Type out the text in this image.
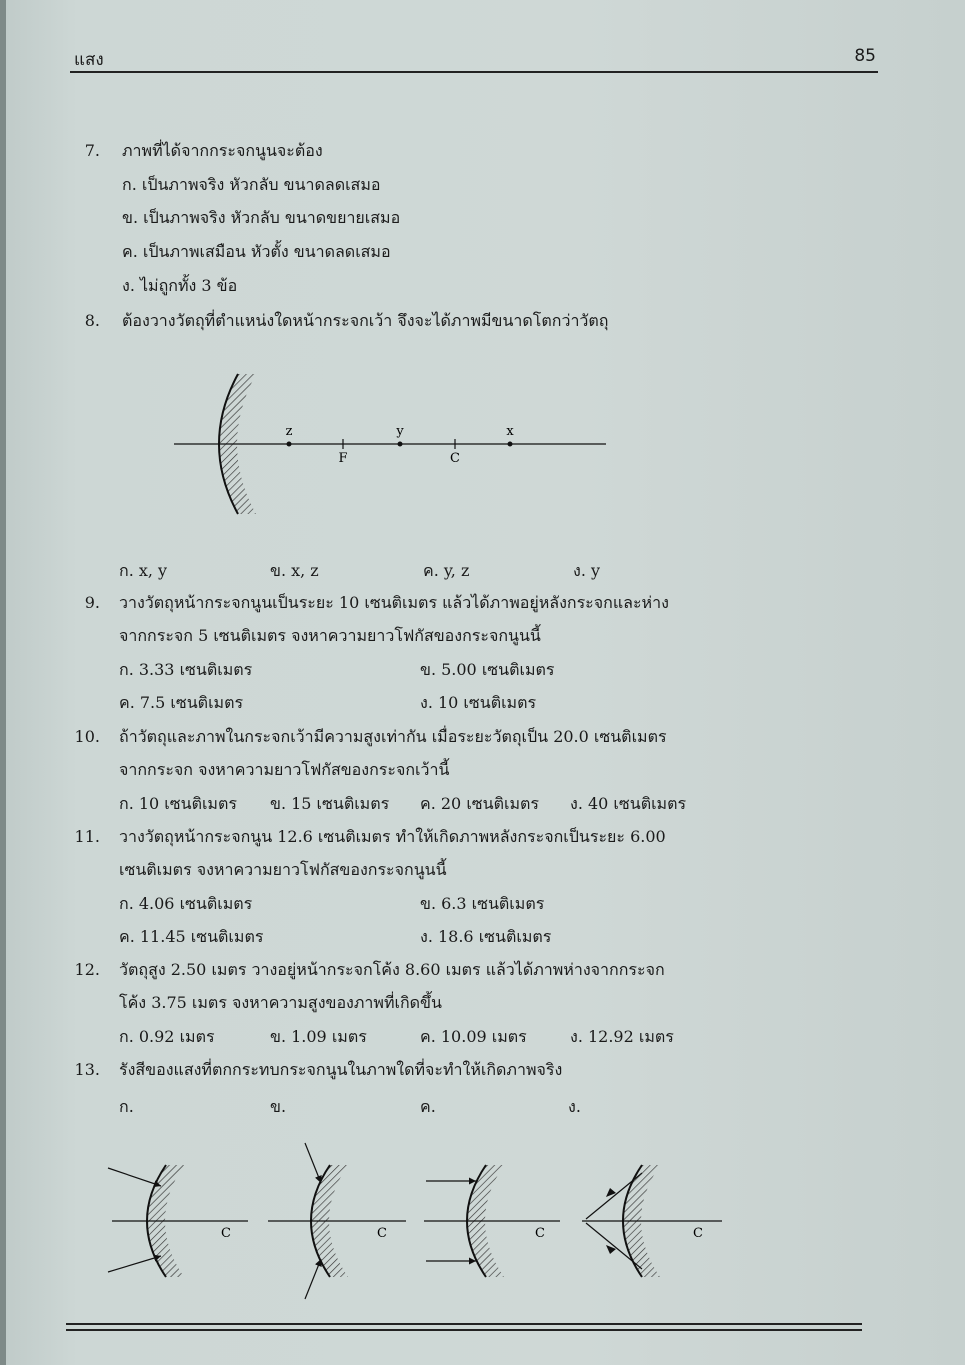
แสง	85
7. ภาพที่ได้จากกระจกนูนจะต้อง
ก. เป็นภาพจริง หัวกลับ ขนาดลดเสมอ
ข. เป็นภาพจริง หัวกลับ ขนาดขยายเสมอ
ค. เป็นภาพเสมือน หัวตั้ง ขนาดลดเสมอ
ง. ไม่ถูกทั้ง 3 ข้อ
8. ต้องวางวัตถุที่ตำแหน่งใดหน้ากระจกเว้า จึงจะได้ภาพมีขนาดโตกว่าวัตถุ
z	y	x
F	C
ก. x, y	ข. x, z	ค. y, z	ง. y
9. วางวัตถุหน้ากระจกนูนเป็นระยะ 10 เซนติเมตร แล้วได้ภาพอยู่หลังกระจกและห่าง
จากกระจก 5 เซนติเมตร จงหาความยาวโฟกัสของกระจกนูนนี้
ก. 3.33 เซนติเมตร	ข. 5.00 เซนติเมตร
ค. 7.5 เซนติเมตร	ง. 10 เซนติเมตร
10. ถ้าวัตถุและภาพในกระจกเว้ามีความสูงเท่ากัน เมื่อระยะวัตถุเป็น 20.0 เซนติเมตร
จากกระจก จงหาความยาวโฟกัสของกระจกเว้านี้
ก. 10 เซนติเมตร ข. 15 เซนติเมตร ค. 20 เซนติเมตร ง. 40 เซนติเมตร
11. วางวัตถุหน้ากระจกนูน 12.6 เซนติเมตร ทำให้เกิดภาพหลังกระจกเป็นระยะ 6.00
เซนติเมตร จงหาความยาวโฟกัสของกระจกนูนนี้
ก. 4.06 เซนติเมตร	ข. 6.3 เซนติเมตร
ค. 11.45 เซนติเมตร	ง. 18.6 เซนติเมตร
12. วัตถุสูง 2.50 เมตร วางอยู่หน้ากระจกโค้ง 8.60 เมตร แล้วได้ภาพห่างจากกระจก
โค้ง 3.75 เมตร จงหาความสูงของภาพที่เกิดขึ้น
ก. 0.92 เมตร	ข. 1.09 เมตร	ค. 10.09 เมตร	ง. 12.92 เมตร
13. รังสีของแสงที่ตกกระทบกระจกนูนในภาพใดที่จะทำให้เกิดภาพจริง
ก.	ข.	ค.	ง.
C	C	C	C
